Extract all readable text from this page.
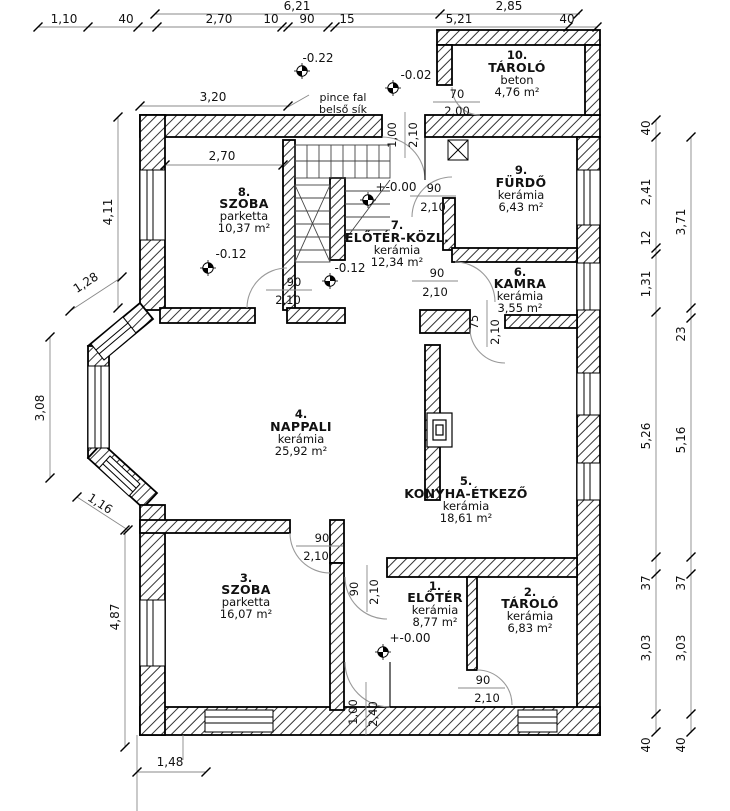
-0.22
-0.02
+-0.00
-0.12
-0.12
+-0.00
6,21	2,85
1,10	40	2,70	10 90 15	5,21	40
3,20
2,70
pince fal
belső sík
4,11
1,28
3,08
1,16
4,87
1,48
40
2,41
12
1,31
5,26
37
3,03
40
3,71
23
5,16
37
3,03
40
70
2,00
1,00 2,10
90
2,10
90
2,10
75 2,10
90
2,10
90
2,10
90 2,10
90
2,10
1,00 2,40
1.
ELŐTÉR
kerámia
8,77 m²
2.
TÁROLÓ
kerámia
6,83 m²
3.
SZOBA
parketta
16,07 m²
4.
NAPPALI
kerámia
25,92 m²
5.
KONYHA-ÉTKEZŐ
kerámia
18,61 m²
6.
KAMRA
kerámia
3,55 m²
7.
ELŐTÉR-KÖZL.
kerámia
12,34 m²
8.
SZOBA
parketta
10,37 m²
9.
FÜRDŐ
kerámia
6,43 m²
10.
TÁROLÓ
beton
4,76 m²
